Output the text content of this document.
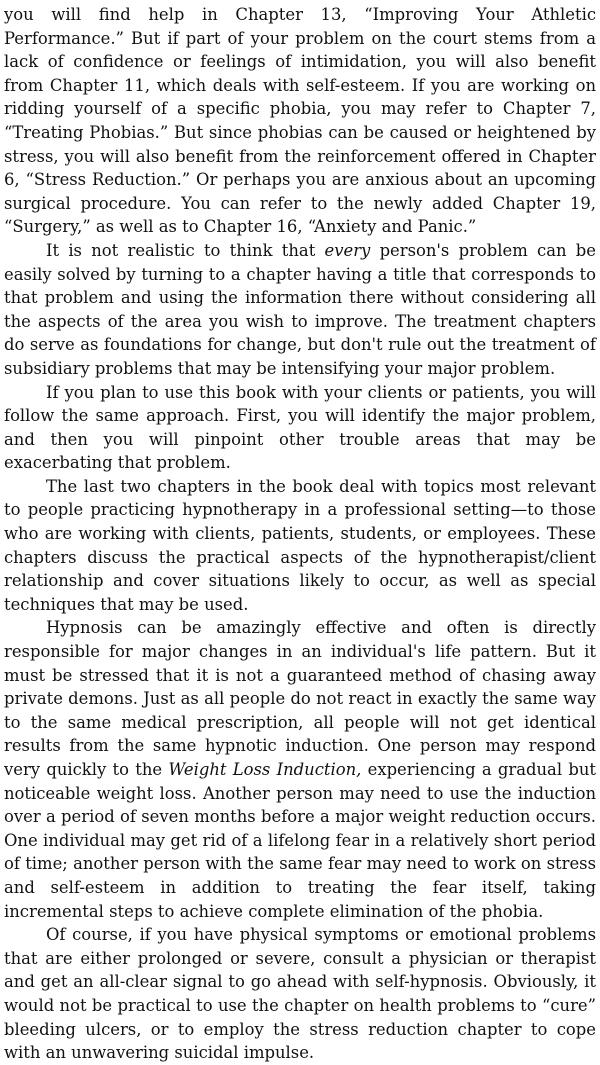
you will find help in Chapter 13, “Improving Your Athletic Performance.” But if part of your problem on the court stems from a lack of confidence or feelings of intimidation, you will also benefit from Chapter 11, which deals with self-esteem. If you are working on ridding yourself of a specific phobia, you may refer to Chapter 7, “Treating Phobias.” But since phobias can be caused or heightened by stress, you will also benefit from the reinforcement offered in Chapter 6, “Stress Reduction.” Or perhaps you are anxious about an upcoming surgical procedure. You can refer to the newly added Chapter 19, “Surgery,” as well as to Chapter 16, “Anxiety and Panic.”

It is not realistic to think that every person's problem can be easily solved by turning to a chapter having a title that corresponds to that problem and using the information there without considering all the aspects of the area you wish to improve. The treatment chapters do serve as foundations for change, but don't rule out the treatment of subsidiary problems that may be intensifying your major problem.

If you plan to use this book with your clients or patients, you will follow the same approach. First, you will identify the major problem, and then you will pinpoint other trouble areas that may be exacerbating that problem.

The last two chapters in the book deal with topics most relevant to people practicing hypnotherapy in a professional setting—to those who are working with clients, patients, students, or employees. These chapters discuss the practical aspects of the hypnotherapist/client relationship and cover situations likely to occur, as well as special techniques that may be used.

Hypnosis can be amazingly effective and often is directly responsible for major changes in an individual's life pattern. But it must be stressed that it is not a guaranteed method of chasing away private demons. Just as all people do not react in exactly the same way to the same medical prescription, all people will not get identical results from the same hypnotic induction. One person may respond very quickly to the Weight Loss Induction, experiencing a gradual but noticeable weight loss. Another person may need to use the induction over a period of seven months before a major weight reduction occurs. One individual may get rid of a lifelong fear in a relatively short period of time; another person with the same fear may need to work on stress and self-esteem in addition to treating the fear itself, taking incremental steps to achieve complete elimination of the phobia.

Of course, if you have physical symptoms or emotional problems that are either prolonged or severe, consult a physician or therapist and get an all-clear signal to go ahead with self-hypnosis. Obviously, it would not be practical to use the chapter on health problems to “cure” bleeding ulcers, or to employ the stress reduction chapter to cope with an unwavering suicidal impulse.
